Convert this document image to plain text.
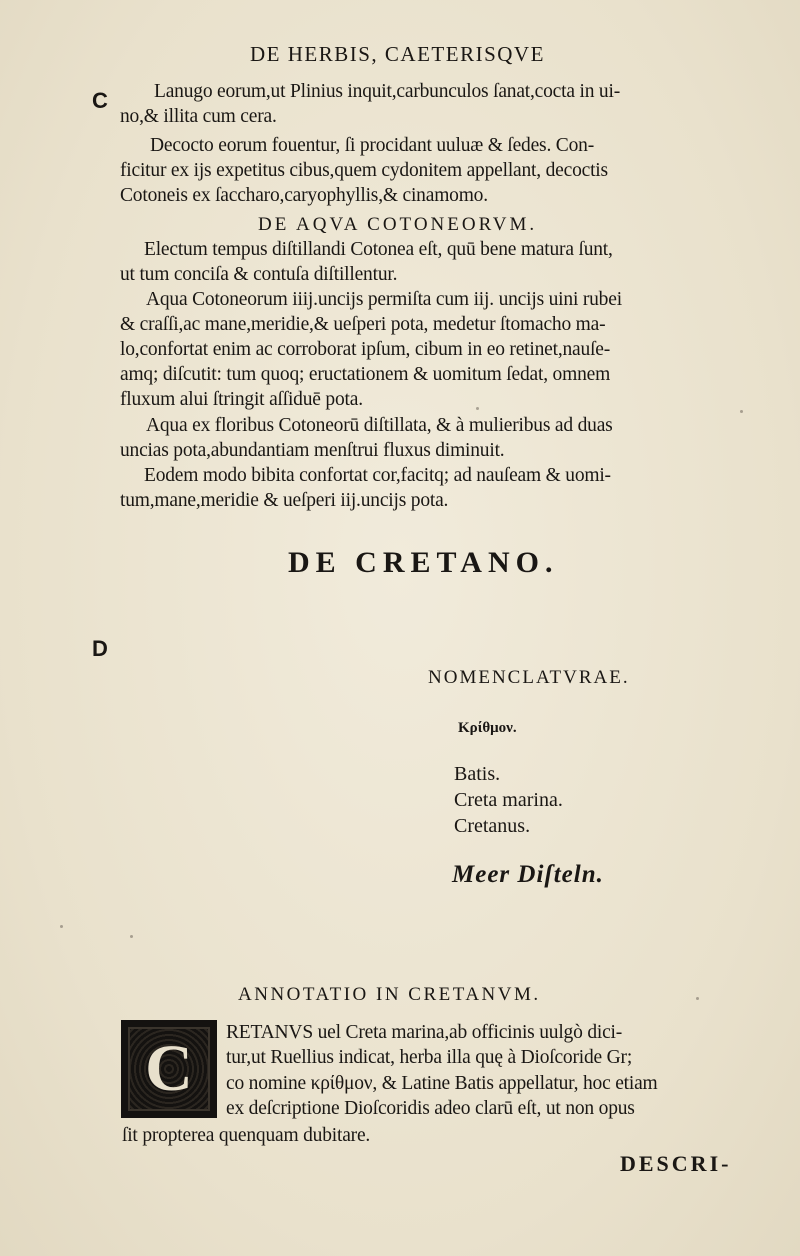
DE HERBIS, CAETERISQVE
C
D
Lanugo eorum,ut Plinius inquit,carbunculos ſanat,cocta in ui-
no,& illita cum cera.
Decocto eorum fouentur, ſi procidant uuluæ & ſedes. Con-
ficitur ex ijs expetitus cibus,quem cydonitem appellant, decoctis
Cotoneis ex ſaccharo,caryophyllis,& cinamomo.
DE AQVA COTONEORVM.
Electum tempus diſtillandi Cotonea eſt, quū bene matura ſunt,
ut tum conciſa & contuſa diſtillentur.
Aqua Cotoneorum iiij.uncijs permiſta cum iij. uncijs uini rubei
& craſſi,ac mane,meridie,& ueſperi pota, medetur ſtomacho ma-
lo,confortat enim ac corroborat ipſum, cibum in eo retinet,nauſe-
amq; diſcutit: tum quoq; eructationem & uomitum ſedat, omnem
fluxum alui ſtringit aſſiduē pota.
Aqua ex floribus Cotoneorū diſtillata, & à mulieribus ad duas
uncias pota,abundantiam menſtrui fluxus diminuit.
Eodem modo bibita confortat cor,facitq; ad nauſeam & uomi-
tum,mane,meridie & ueſperi iij.uncijs pota.
DE CRETANO.
NOMENCLATVRAE.
Κρίθμον.
Batis.
Creta marina.
Cretanus.
Meer Diſteln.
ANNOTATIO IN CRETANVM.
C RETANVS uel Creta marina,ab officinis uulgò dici-
tur,ut Ruellius indicat, herba illa quę à Dioſcoride Gr;
co nomine κρίθμον, & Latine Batis appellatur, hoc etiam
ex deſcriptione Dioſcoridis adeo clarū eſt, ut non opus
ſit propterea quenquam dubitare.
DESCRI-
